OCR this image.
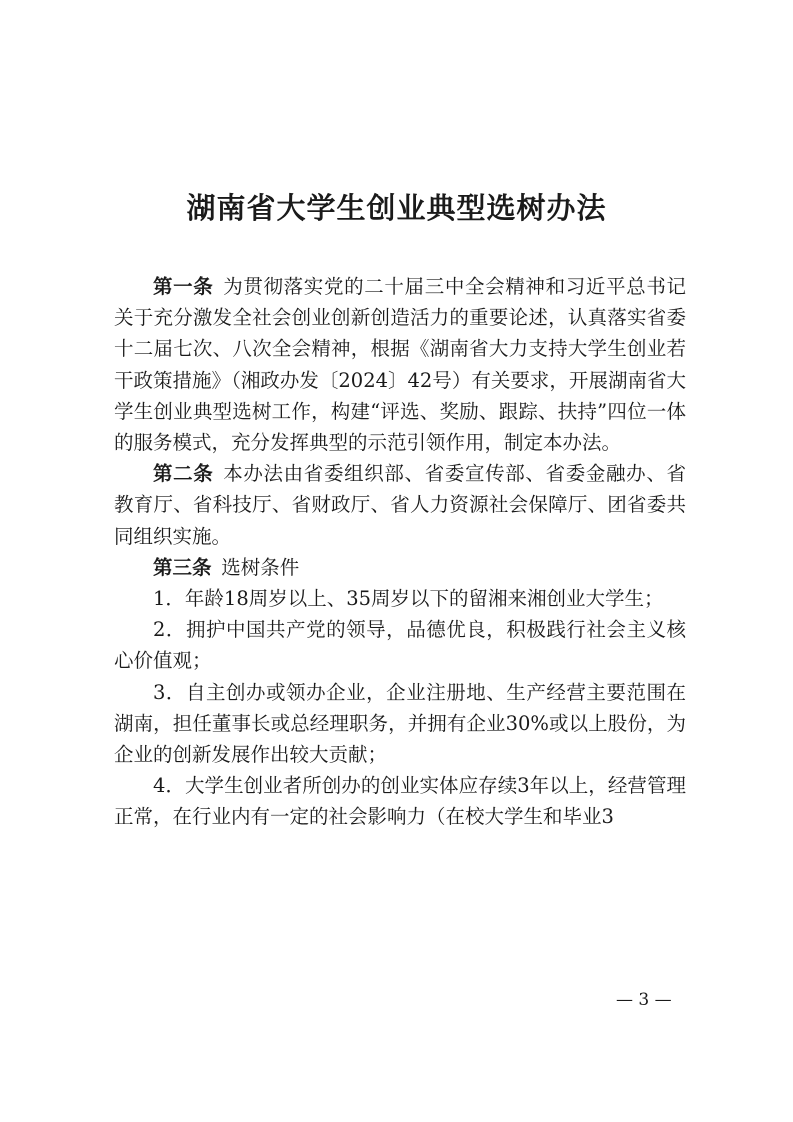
湖南省大学生创业典型选树办法

第一条 为贯彻落实党的二十届三中全会精神和习近平总书记关于充分激发全社会创业创新创造活力的重要论述，认真落实省委十二届七次、八次全会精神，根据《湖南省大力支持大学生创业若干政策措施》（湘政办发〔2024〕42号）有关要求，开展湖南省大学生创业典型选树工作，构建“评选、奖励、跟踪、扶持”四位一体的服务模式，充分发挥典型的示范引领作用，制定本办法。

第二条 本办法由省委组织部、省委宣传部、省委金融办、省教育厅、省科技厅、省财政厅、省人力资源社会保障厅、团省委共同组织实施。

第三条 选树条件

1．年龄18周岁以上、35周岁以下的留湘来湘创业大学生；

2．拥护中国共产党的领导，品德优良，积极践行社会主义核心价值观；

3．自主创办或领办企业，企业注册地、生产经营主要范围在湖南，担任董事长或总经理职务，并拥有企业30%或以上股份，为企业的创新发展作出较大贡献；

4．大学生创业者所创办的创业实体应存续3年以上，经营管理正常，在行业内有一定的社会影响力（在校大学生和毕业3

— 3 —
